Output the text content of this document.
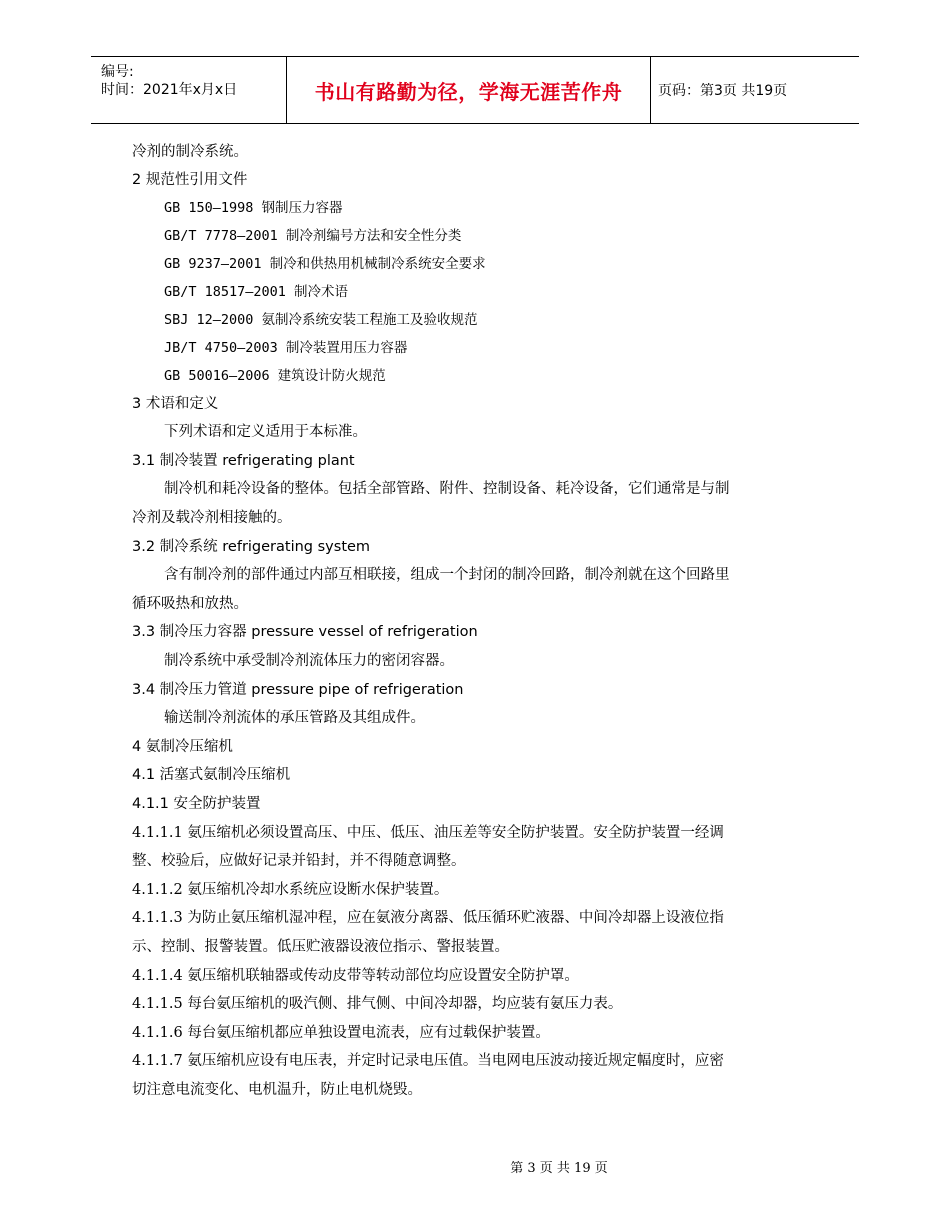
编号:
时间：2021年x月x日	书山有路勤为径，学海无涯苦作舟	页码：第3页 共19页
冷剂的制冷系统。
2 规范性引用文件
GB 150—1998 钢制压力容器
GB/T 7778—2001 制冷剂编号方法和安全性分类
GB 9237—2001 制冷和供热用机械制冷系统安全要求
GB/T 18517—2001 制冷术语
SBJ 12—2000 氨制冷系统安装工程施工及验收规范
JB/T 4750—2003 制冷装置用压力容器
GB 50016—2006 建筑设计防火规范
3 术语和定义
下列术语和定义适用于本标准。
3.1 制冷装置 refrigerating plant
制冷机和耗冷设备的整体。包括全部管路、附件、控制设备、耗冷设备，它们通常是与制
冷剂及载冷剂相接触的。
3.2 制冷系统 refrigerating system
含有制冷剂的部件通过内部互相联接，组成一个封闭的制冷回路，制冷剂就在这个回路里
循环吸热和放热。
3.3 制冷压力容器 pressure vessel of refrigeration
制冷系统中承受制冷剂流体压力的密闭容器。
3.4 制冷压力管道 pressure pipe of refrigeration
输送制冷剂流体的承压管路及其组成件。
4 氨制冷压缩机
4.1 活塞式氨制冷压缩机
4.1.1 安全防护装置
4.1.1.1 氨压缩机必须设置高压、中压、低压、油压差等安全防护装置。安全防护装置一经调
整、校验后，应做好记录并铅封，并不得随意调整。
4.1.1.2 氨压缩机冷却水系统应设断水保护装置。
4.1.1.3 为防止氨压缩机湿冲程，应在氨液分离器、低压循环贮液器、中间冷却器上设液位指
示、控制、报警装置。低压贮液器设液位指示、警报装置。
4.1.1.4 氨压缩机联轴器或传动皮带等转动部位均应设置安全防护罩。
4.1.1.5 每台氨压缩机的吸汽侧、排气侧、中间冷却器，均应装有氨压力表。
4.1.1.6 每台氨压缩机都应单独设置电流表，应有过载保护装置。
4.1.1.7 氨压缩机应设有电压表，并定时记录电压值。当电网电压波动接近规定幅度时，应密
切注意电流变化、电机温升，防止电机烧毁。
第 3 页 共 19 页
